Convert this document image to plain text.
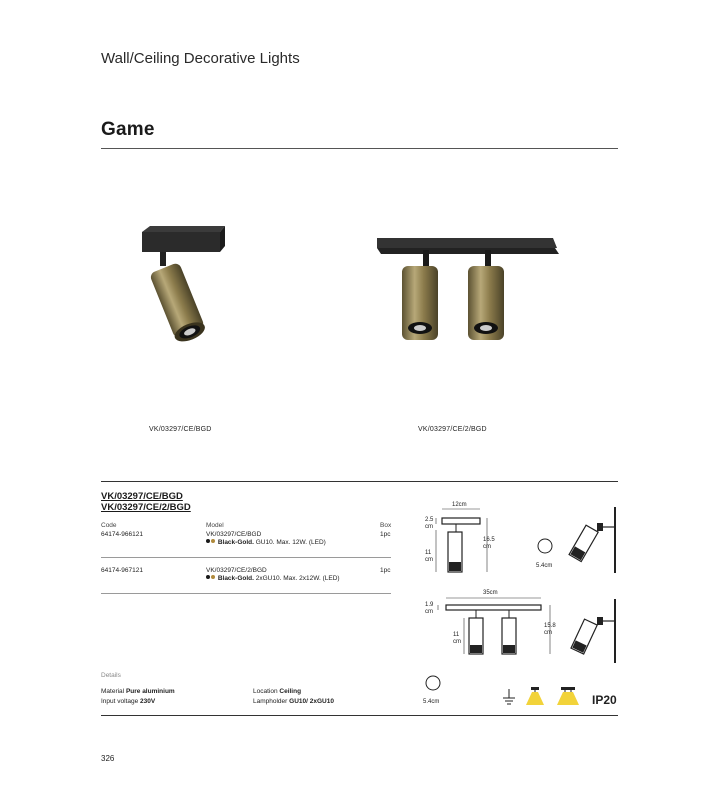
Wall/Ceiling Decorative Lights
Game
VK/03297/CE/BGD	VK/03297/CE/2/BGD
VK/03297/CE/BGD
VK/03297/CE/2/BGD
Code	Model	Box
64174-966121	VK/03297/CE/BGD
Black-Gold. GU10. Max. 12W. (LED)
1pc
64174-967121	VK/03297/CE/2/BGD
Black-Gold. 2xGU10. Max. 2x12W. (LED)
1pc
12cm
2.5
cm
11
cm
16.5
cm
5.4cm
35cm
1.9
cm
11
cm
15.8
cm
Details
Material Pure aluminium
Input voltage 230V
Location Ceiling
Lampholder GU10/ 2xGU10	5.4cm	IP20
326
